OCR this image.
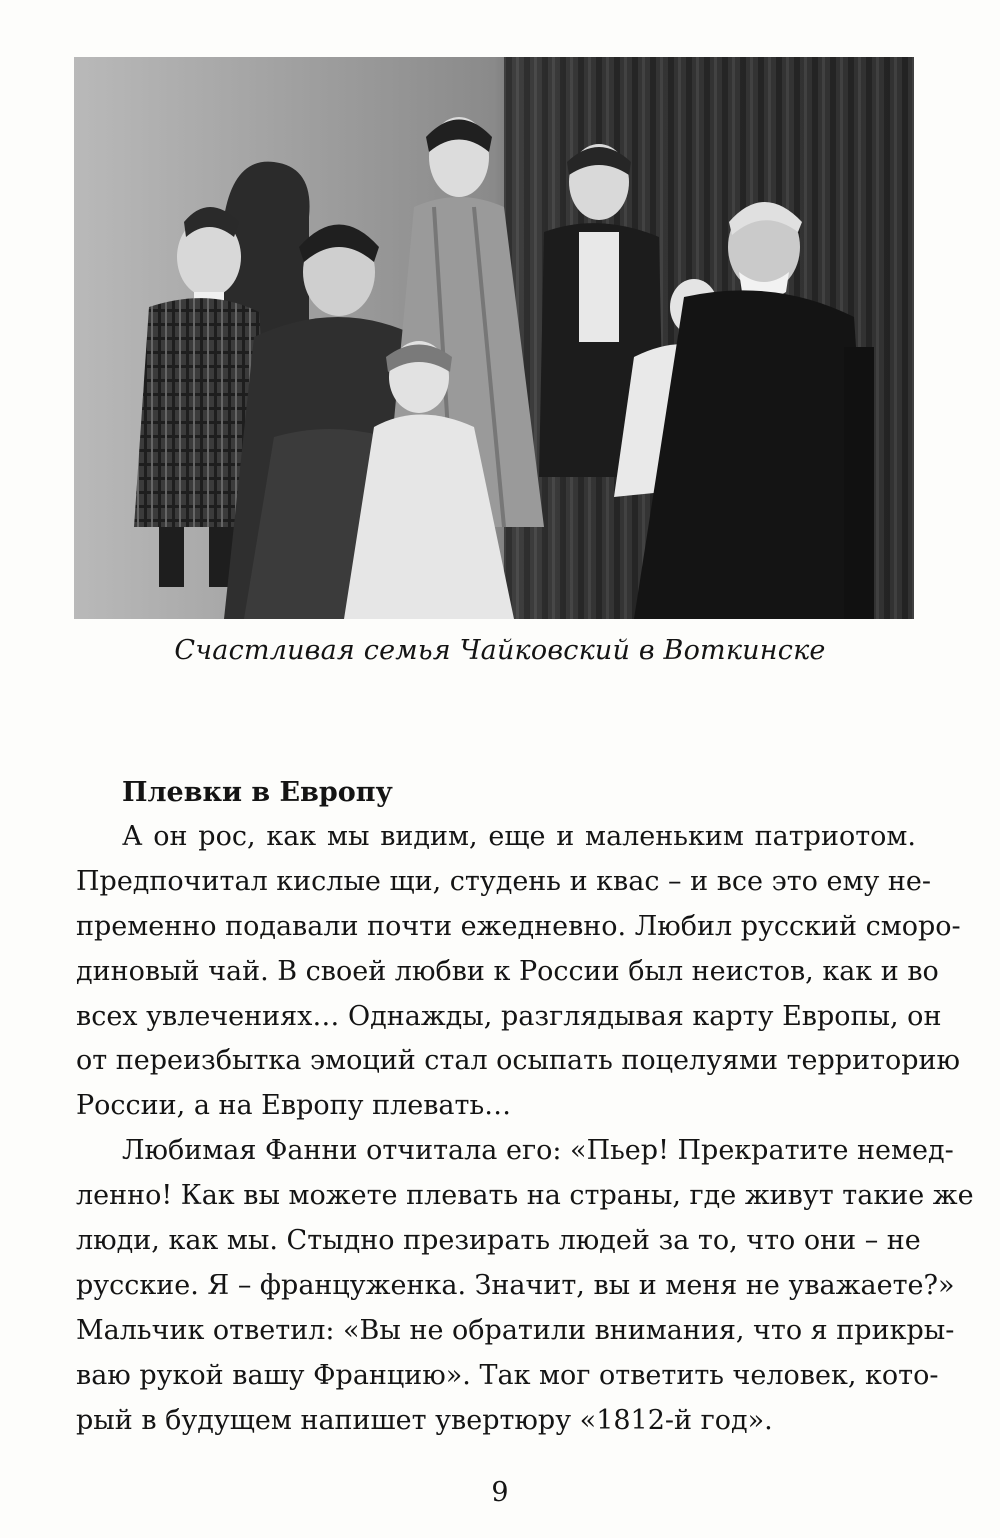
Счастливая семья Чайковский в Воткинске
Плевки в Европу
А он рос, как мы видим, еще и маленьким патриотом.
Предпочитал кислые щи, студень и квас – и все это ему не-
пременно подавали почти ежедневно. Любил русский сморо-
диновый чай. В своей любви к России был неистов, как и во
всех увлечениях… Однажды, разглядывая карту Европы, он
от переизбытка эмоций стал осыпать поцелуями территорию
России, а на Европу плевать…
Любимая Фанни отчитала его: «Пьер! Прекратите немед-
ленно! Как вы можете плевать на страны, где живут такие же
люди, как мы. Стыдно презирать людей за то, что они – не
русские. Я – француженка. Значит, вы и меня не уважаете?»
Мальчик ответил: «Вы не обратили внимания, что я прикры-
ваю рукой вашу Францию». Так мог ответить человек, кото-
рый в будущем напишет увертюру «1812-й год».
9
